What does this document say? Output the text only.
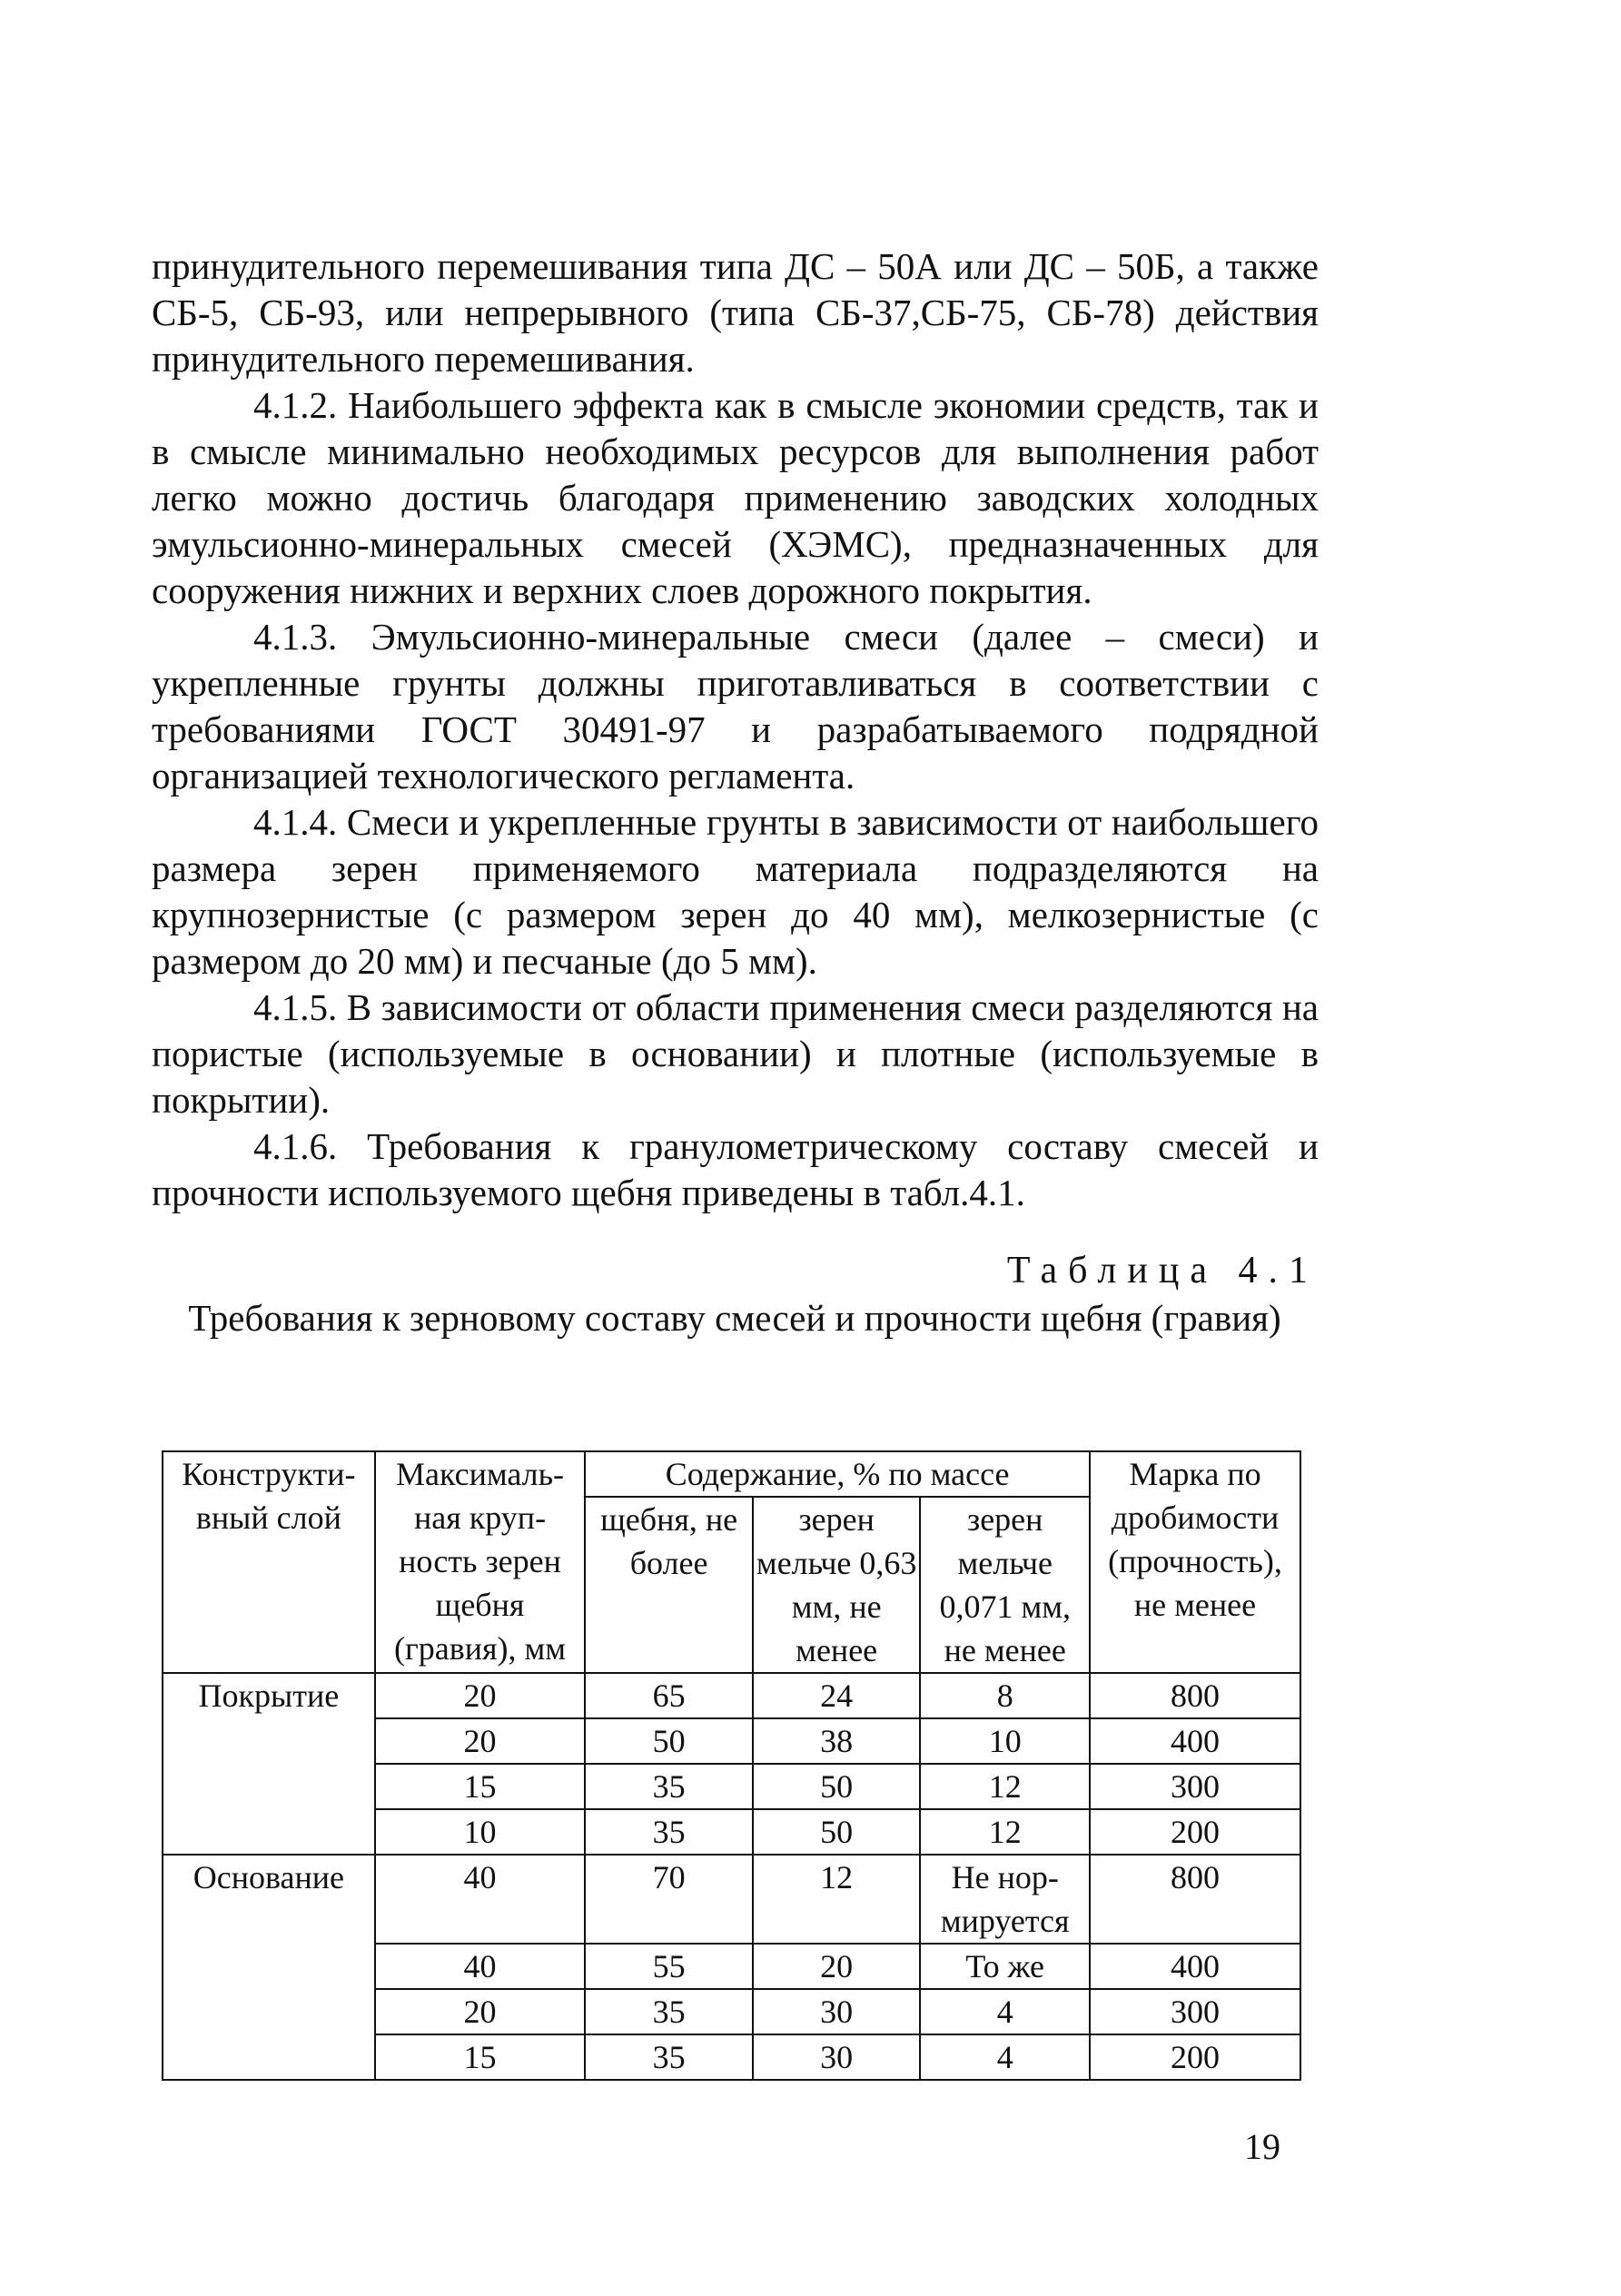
принудительного перемешивания типа ДС – 50А или ДС – 50Б, а также СБ-5, СБ-93, или непрерывного (типа СБ-37,СБ-75, СБ-78) действия принудительного перемешивания.

4.1.2. Наибольшего эффекта как в смысле экономии средств, так и в смысле минимально необходимых ресурсов для выполнения работ легко можно достичь благодаря применению заводских холодных эмульсионно-минеральных смесей (ХЭМС), предназначенных для сооружения нижних и верхних слоев дорожного покрытия.

4.1.3. Эмульсионно-минеральные смеси (далее – смеси) и укрепленные грунты должны приготавливаться в соответствии с требованиями ГОСТ 30491-97 и разрабатываемого подрядной организацией технологического регламента.

4.1.4. Смеси и укрепленные грунты в зависимости от наибольшего размера зерен применяемого материала подразделяются на крупнозернистые (с размером зерен до 40 мм), мелкозернистые (с размером до 20 мм) и песчаные (до 5 мм).

4.1.5. В зависимости от области применения смеси разделяются на пористые (используемые в основании) и плотные (используемые в покрытии).

4.1.6. Требования к гранулометрическому составу смесей и прочности используемого щебня приведены в табл.4.1.

Таблица 4.1
Требования к зерновому составу смесей и прочности щебня (гравия)
Конструкти-вный слой	Максималь-ная круп-ность зерен щебня (гравия), мм	Содержание, % по массе			Марка по дробимости (прочность), не менее
		щебня, не более	зерен мельче 0,63 мм, не менее	зерен мельче 0,071 мм, не менее	
Покрытие	20	65	24	8	800
	20	50	38	10	400
	15	35	50	12	300
	10	35	50	12	200
Основание	40	70	12	Не нор-мируется	800
	40	55	20	То же	400
	20	35	30	4	300
	15	35	30	4	200
19
